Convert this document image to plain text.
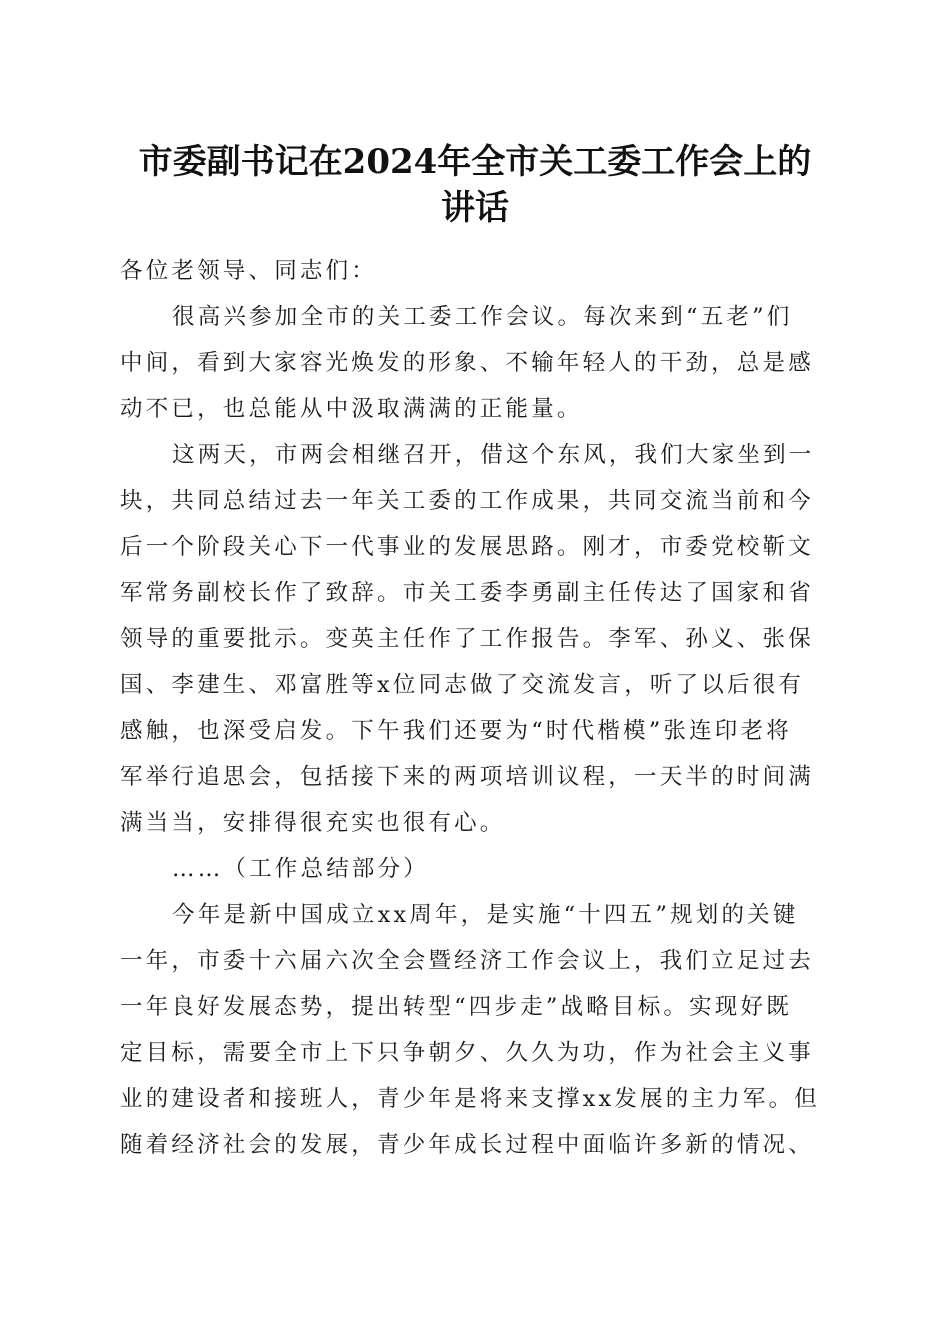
市委副书记在2024年全市关工委工作会上的
讲话
各位老领导、同志们：
很高兴参加全市的关工委工作会议。每次来到“五老”们
中间，看到大家容光焕发的形象、不输年轻人的干劲，总是感
动不已，也总能从中汲取满满的正能量。
这两天，市两会相继召开，借这个东风，我们大家坐到一
块，共同总结过去一年关工委的工作成果，共同交流当前和今
后一个阶段关心下一代事业的发展思路。刚才，市委党校靳文
军常务副校长作了致辞。市关工委李勇副主任传达了国家和省
领导的重要批示。变英主任作了工作报告。李军、孙义、张保
国、李建生、邓富胜等x位同志做了交流发言，听了以后很有
感触，也深受启发。下午我们还要为“时代楷模”张连印老将
军举行追思会，包括接下来的两项培训议程，一天半的时间满
满当当，安排得很充实也很有心。
……（工作总结部分）
今年是新中国成立xx周年，是实施“十四五”规划的关键
一年，市委十六届六次全会暨经济工作会议上，我们立足过去
一年良好发展态势，提出转型“四步走”战略目标。实现好既
定目标，需要全市上下只争朝夕、久久为功，作为社会主义事
业的建设者和接班人，青少年是将来支撑xx发展的主力军。但
随着经济社会的发展，青少年成长过程中面临许多新的情况、
